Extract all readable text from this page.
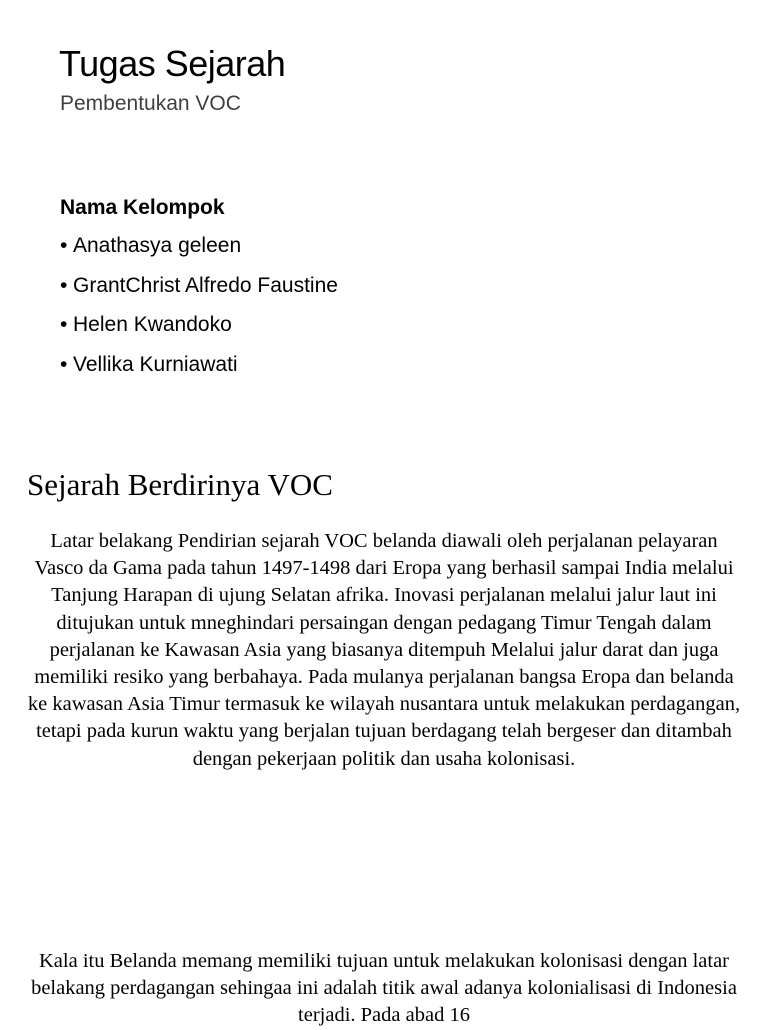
Tugas Sejarah

Pembentukan VOC

Nama Kelompok

• Anathasya geleen
• GrantChrist Alfredo Faustine
• Helen Kwandoko
• Vellika Kurniawati
Sejarah Berdirinya VOC

Latar belakang Pendirian sejarah VOC belanda diawali oleh perjalanan pelayaran Vasco da Gama pada tahun 1497-1498 dari Eropa yang berhasil sampai India melalui Tanjung Harapan di ujung Selatan afrika. Inovasi perjalanan melalui jalur laut ini ditujukan untuk mneghindari persaingan dengan pedagang Timur Tengah dalam perjalanan ke Kawasan Asia yang biasanya ditempuh Melalui jalur darat dan juga memiliki resiko yang berbahaya. Pada mulanya perjalanan bangsa Eropa dan belanda ke kawasan Asia Timur termasuk ke wilayah nusantara untuk melakukan perdagangan, tetapi pada kurun waktu yang berjalan tujuan berdagang telah bergeser dan ditambah dengan pekerjaan politik dan usaha kolonisasi.

Kala itu Belanda memang memiliki tujuan untuk melakukan kolonisasi dengan latar belakang perdagangan sehingaa ini adalah titik awal adanya kolonialisasi di Indonesia terjadi. Pada abad 16
